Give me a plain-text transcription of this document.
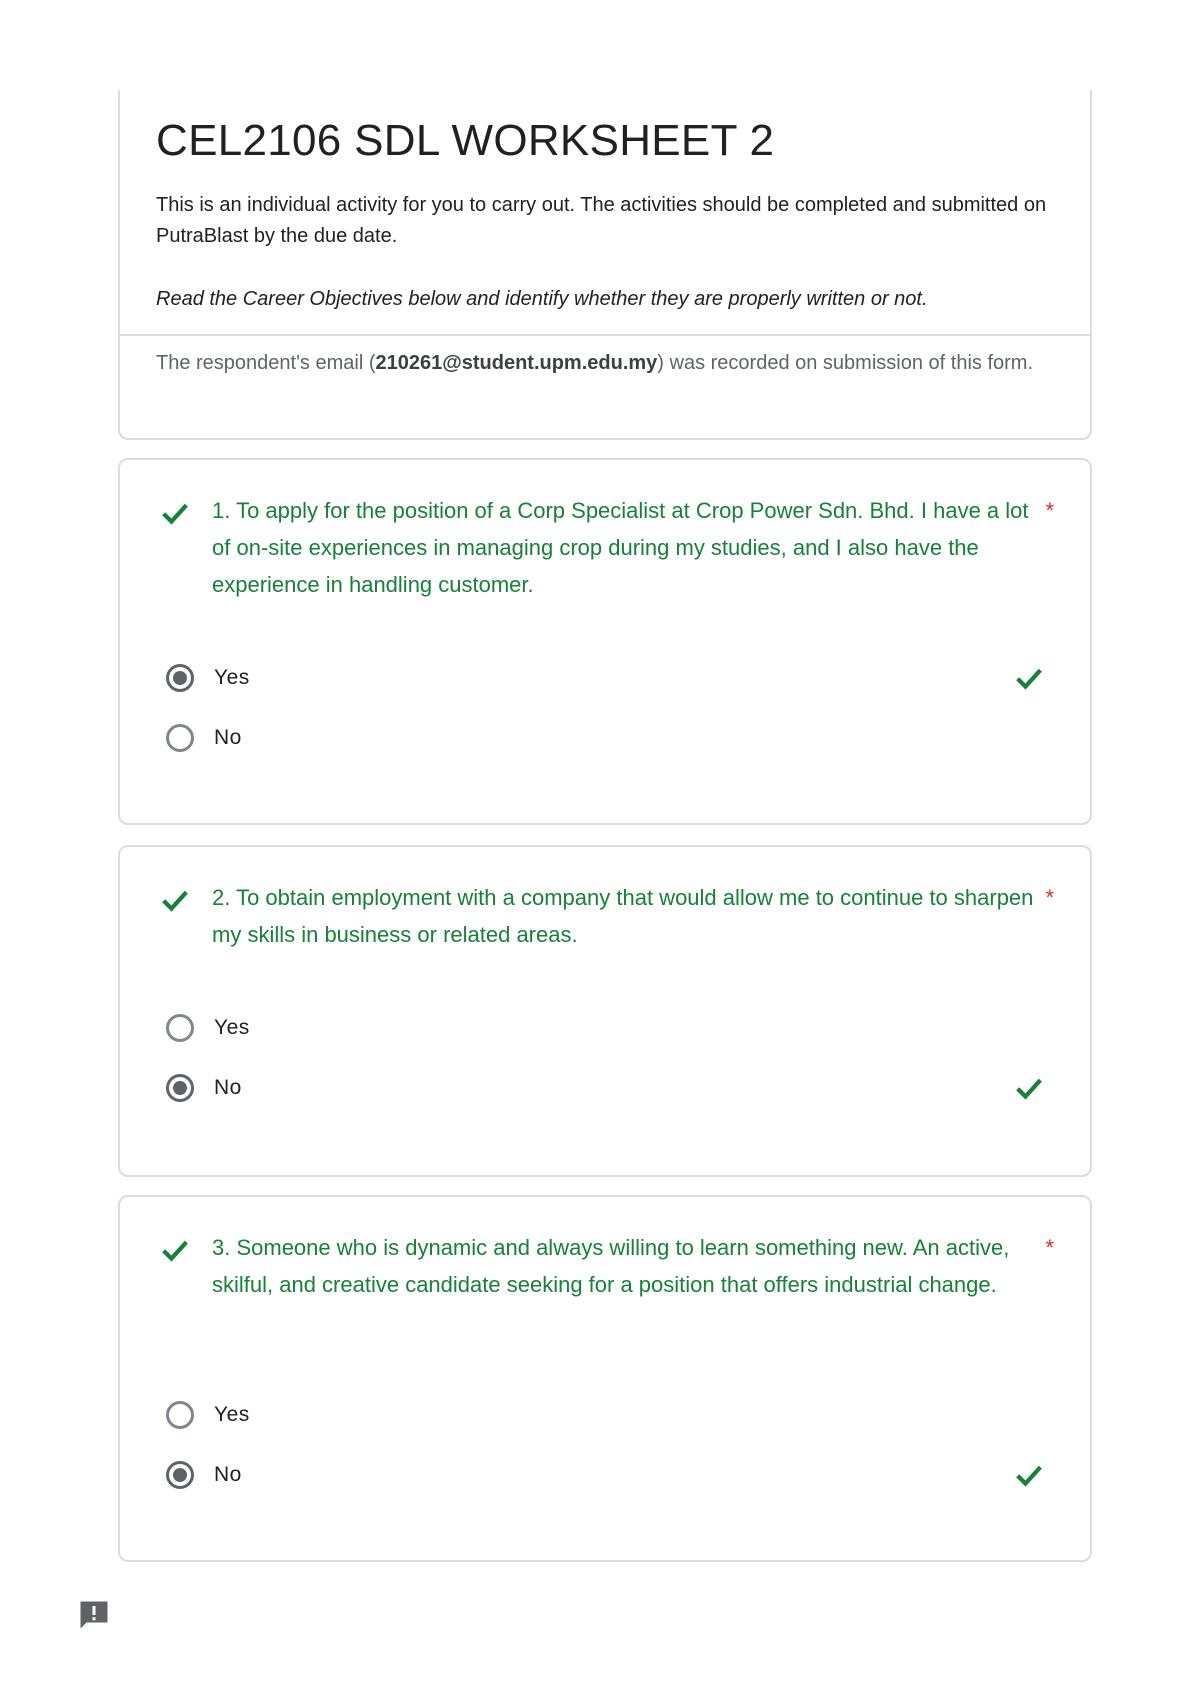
CEL2106 SDL WORKSHEET 2

This is an individual activity for you to carry out. The activities should be completed and submitted on PutraBlast by the due date.

Read the Career Objectives below and identify whether they are properly written or not.

The respondent's email (210261@student.upm.edu.my) was recorded on submission of this form.

1. To apply for the position of a Corp Specialist at Crop Power Sdn. Bhd. I have a lot of on-site experiences in managing crop during my studies, and I also have the experience in handling customer.

*
Yes
No

2. To obtain employment with a company that would allow me to continue to sharpen my skills in business or related areas.

*
Yes
No

3. Someone who is dynamic and always willing to learn something new. An active, skilful, and creative candidate seeking for a position that offers industrial change.

*
Yes
No
